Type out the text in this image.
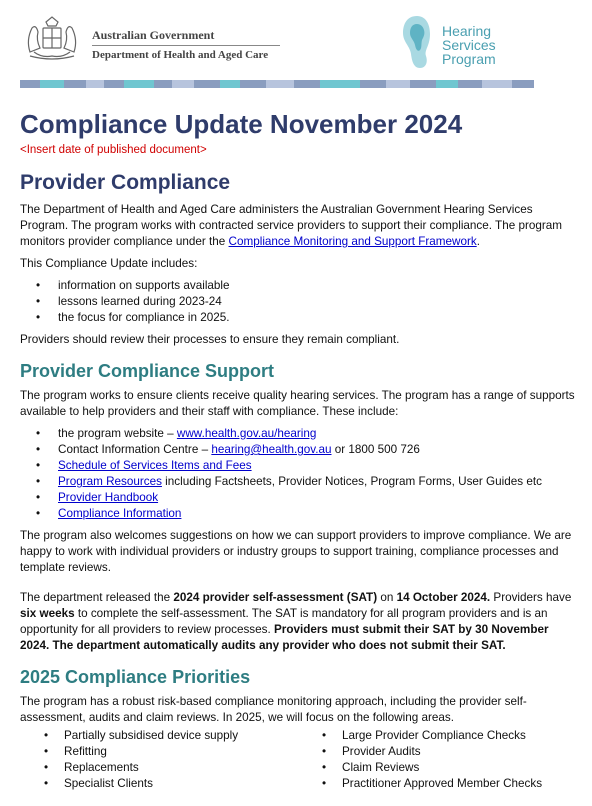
Australian Government
Department of Health and Aged Care
Hearing
Services
Program
Compliance Update November 2024
<Insert date of published document>
Provider Compliance

The Department of Health and Aged Care administers the Australian Government Hearing Services Program. The program works with contracted service providers to support their compliance. The program monitors provider compliance under the Compliance Monitoring and Support Framework.

This Compliance Update includes:

• information on supports available
• lessons learned during 2023-24
• the focus for compliance in 2025.

Providers should review their processes to ensure they remain compliant.

Provider Compliance Support

The program works to ensure clients receive quality hearing services. The program has a range of supports available to help providers and their staff with compliance. These include:

• the program website – www.health.gov.au/hearing
• Contact Information Centre – hearing@health.gov.au or 1800 500 726
• Schedule of Services Items and Fees
• Program Resources including Factsheets, Provider Notices, Program Forms, User Guides etc
• Provider Handbook
• Compliance Information

The program also welcomes suggestions on how we can support providers to improve compliance. We are happy to work with individual providers or industry groups to support training, compliance processes and template reviews.

The department released the 2024 provider self-assessment (SAT) on 14 October 2024. Providers have six weeks to complete the self-assessment. The SAT is mandatory for all program providers and is an opportunity for all providers to review processes. Providers must submit their SAT by 30 November 2024. The department automatically audits any provider who does not submit their SAT.

2025 Compliance Priorities

The program has a robust risk-based compliance monitoring approach, including the provider self-assessment, audits and claim reviews. In 2025, we will focus on the following areas.

• Partially subsidised device supply
• Refitting
• Replacements
• Specialist Clients
• Large Provider Compliance Checks
• Provider Audits
• Claim Reviews
• Practitioner Approved Member Checks
